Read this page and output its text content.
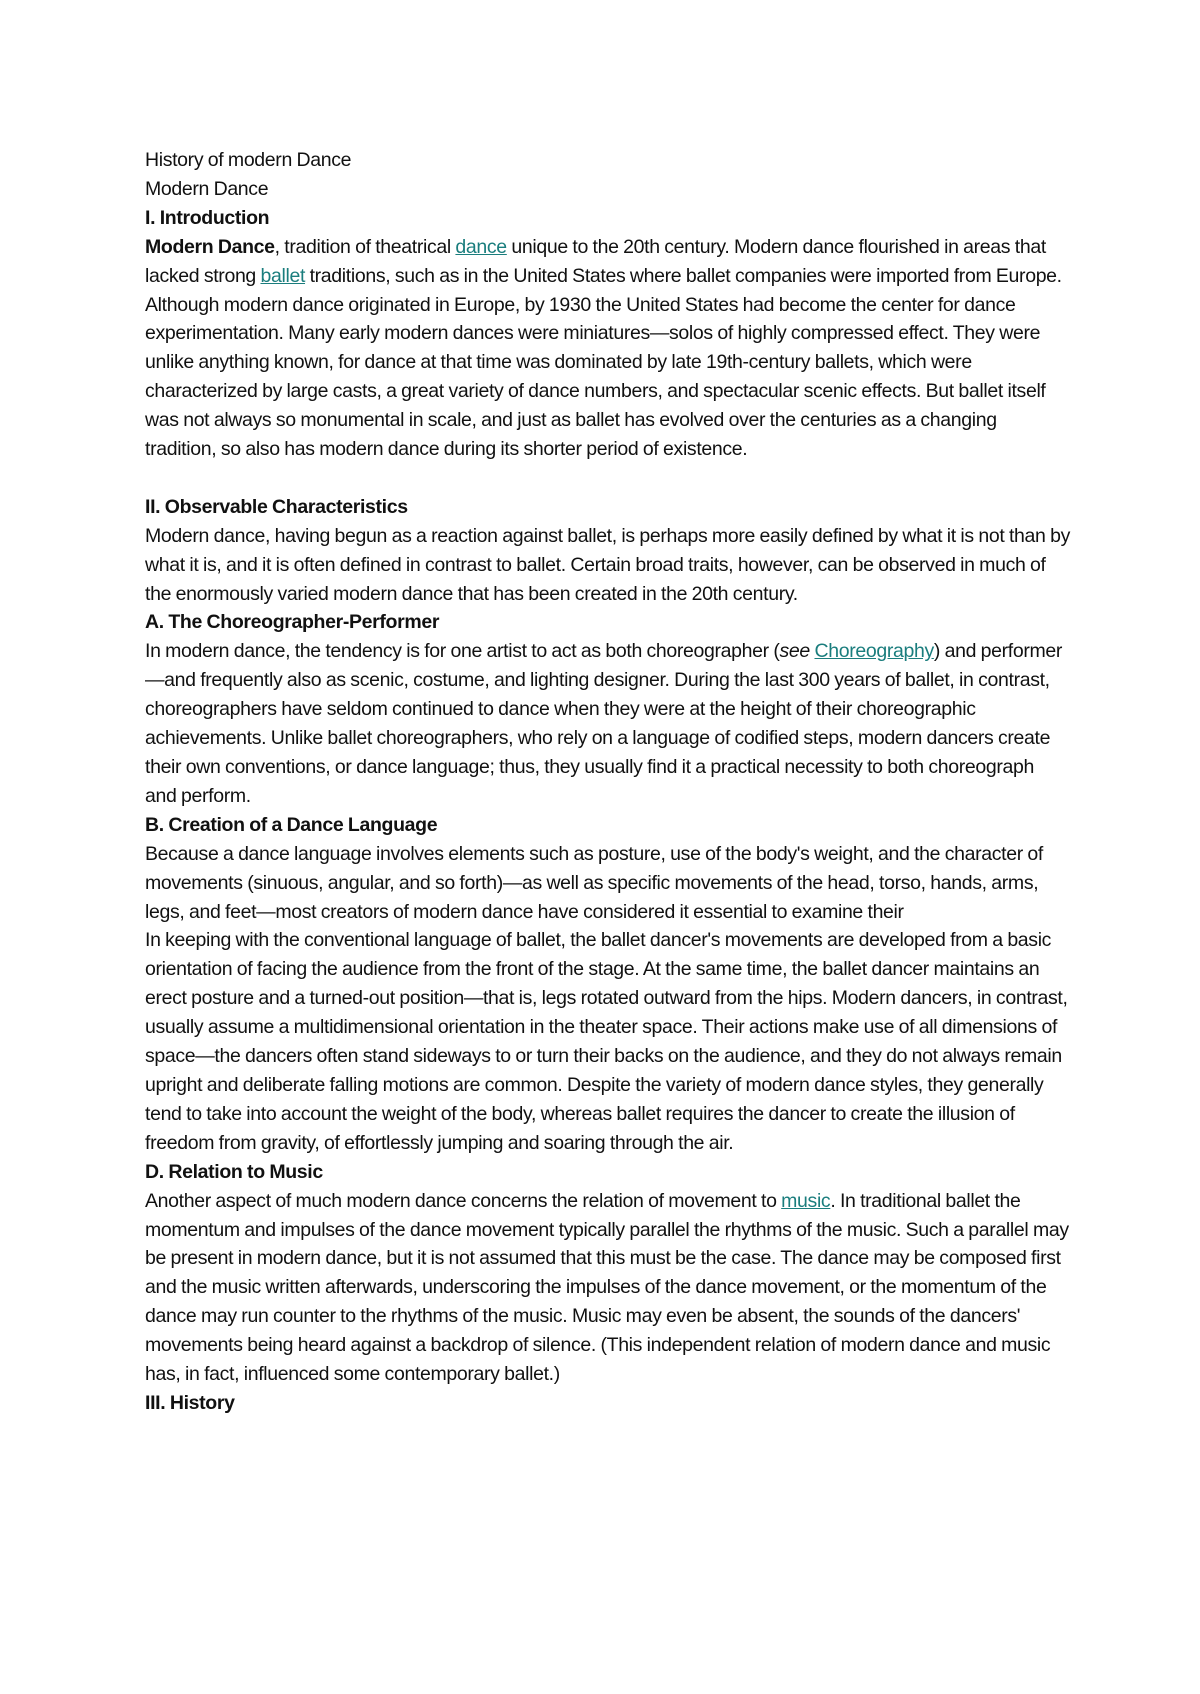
History of modern Dance
Modern Dance
I. Introduction

Modern Dance, tradition of theatrical dance unique to the 20th century. Modern dance flourished in areas that lacked strong ballet traditions, such as in the United States where ballet companies were imported from Europe. Although modern dance originated in Europe, by 1930 the United States had become the center for dance experimentation. Many early modern dances were miniatures—solos of highly compressed effect. They were unlike anything known, for dance at that time was dominated by late 19th-century ballets, which were characterized by large casts, a great variety of dance numbers, and spectacular scenic effects. But ballet itself was not always so monumental in scale, and just as ballet has evolved over the centuries as a changing tradition, so also has modern dance during its shorter period of existence.

II. Observable Characteristics

Modern dance, having begun as a reaction against ballet, is perhaps more easily defined by what it is not than by what it is, and it is often defined in contrast to ballet. Certain broad traits, however, can be observed in much of the enormously varied modern dance that has been created in the 20th century.

A. The Choreographer-Performer

In modern dance, the tendency is for one artist to act as both choreographer (see Choreography) and performer—and frequently also as scenic, costume, and lighting designer. During the last 300 years of ballet, in contrast, choreographers have seldom continued to dance when they were at the height of their choreographic achievements. Unlike ballet choreographers, who rely on a language of codified steps, modern dancers create their own conventions, or dance language; thus, they usually find it a practical necessity to both choreograph and perform.

B. Creation of a Dance Language

Because a dance language involves elements such as posture, use of the body's weight, and the character of movements (sinuous, angular, and so forth)—as well as specific movements of the head, torso, hands, arms, legs, and feet—most creators of modern dance have considered it essential to examine their

In keeping with the conventional language of ballet, the ballet dancer's movements are developed from a basic orientation of facing the audience from the front of the stage. At the same time, the ballet dancer maintains an erect posture and a turned-out position—that is, legs rotated outward from the hips. Modern dancers, in contrast, usually assume a multidimensional orientation in the theater space. Their actions make use of all dimensions of space—the dancers often stand sideways to or turn their backs on the audience, and they do not always remain upright and deliberate falling motions are common. Despite the variety of modern dance styles, they generally tend to take into account the weight of the body, whereas ballet requires the dancer to create the illusion of freedom from gravity, of effortlessly jumping and soaring through the air.

D. Relation to Music

Another aspect of much modern dance concerns the relation of movement to music. In traditional ballet the momentum and impulses of the dance movement typically parallel the rhythms of the music. Such a parallel may be present in modern dance, but it is not assumed that this must be the case. The dance may be composed first and the music written afterwards, underscoring the impulses of the dance movement, or the momentum of the dance may run counter to the rhythms of the music. Music may even be absent, the sounds of the dancers' movements being heard against a backdrop of silence. (This independent relation of modern dance and music has, in fact, influenced some contemporary ballet.)

III. History
